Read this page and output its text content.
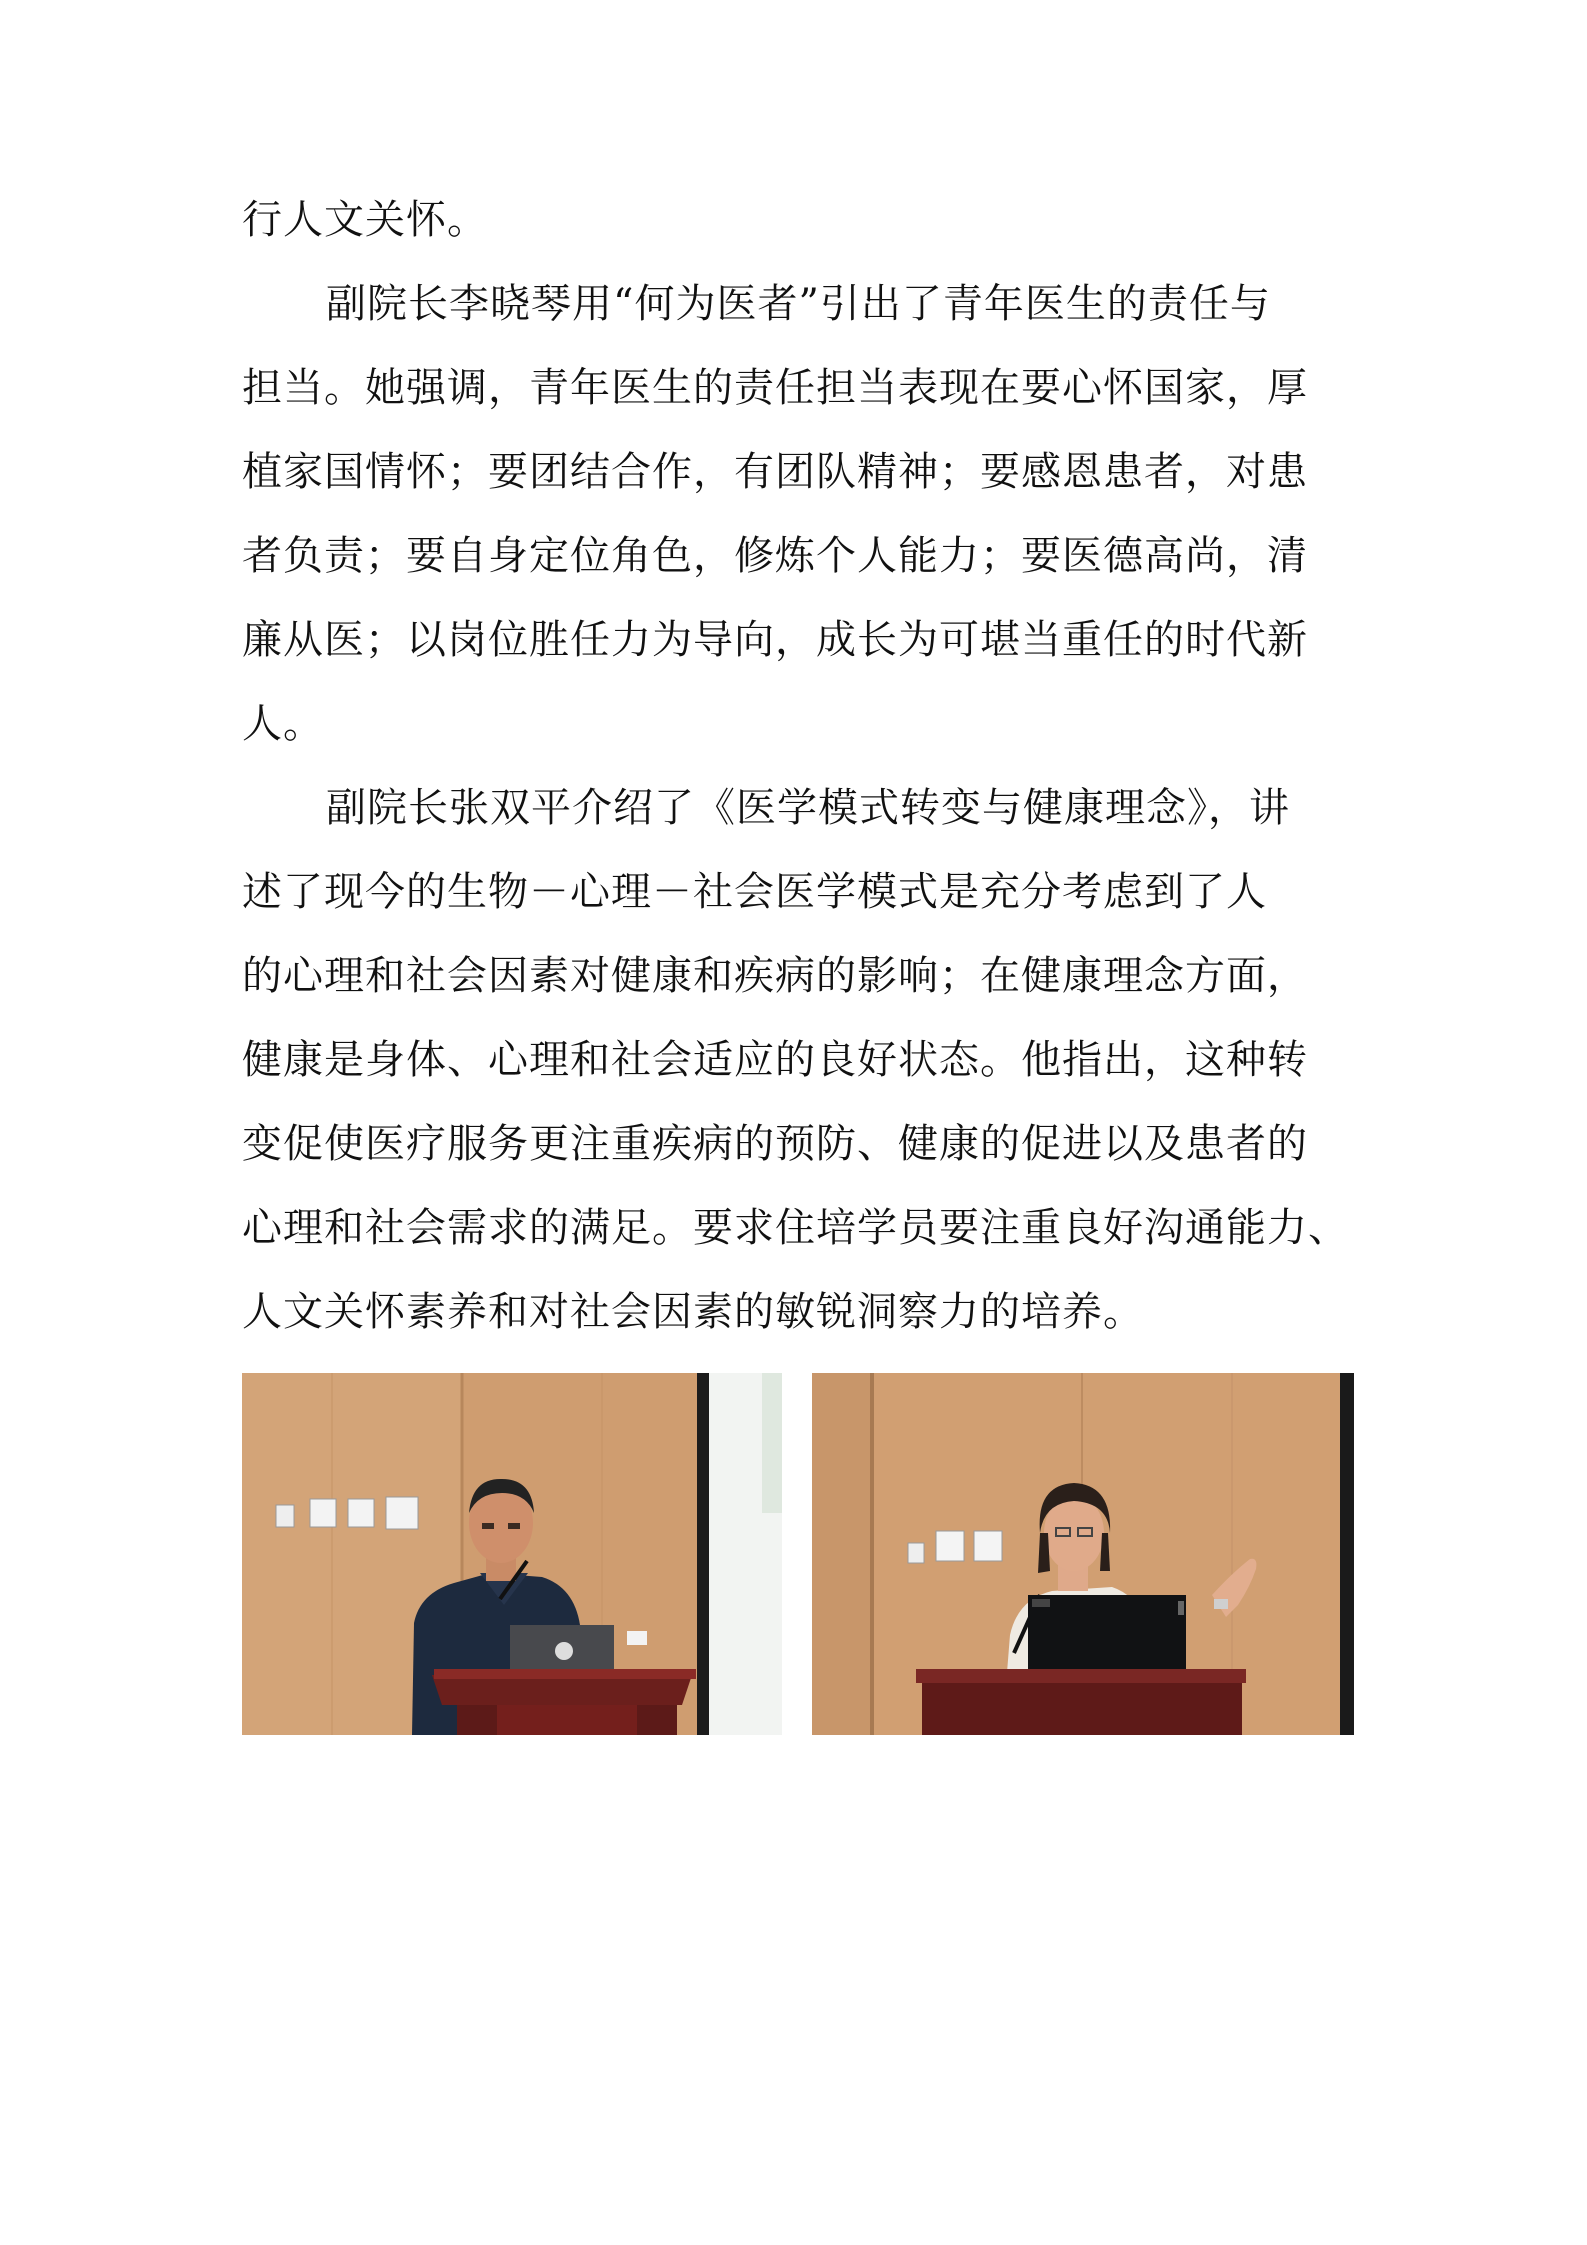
行人文关怀。
副院长李晓琴用“何为医者”引出了青年医生的责任与
担当。她强调，青年医生的责任担当表现在要心怀国家，厚
植家国情怀；要团结合作，有团队精神；要感恩患者，对患
者负责；要自身定位角色，修炼个人能力；要医德高尚，清
廉从医；以岗位胜任力为导向，成长为可堪当重任的时代新
人。
副院长张双平介绍了《医学模式转变与健康理念》，讲
述了现今的生物－心理－社会医学模式是充分考虑到了人
的心理和社会因素对健康和疾病的影响；在健康理念方面，
健康是身体、心理和社会适应的良好状态。他指出，这种转
变促使医疗服务更注重疾病的预防、健康的促进以及患者的
心理和社会需求的满足。要求住培学员要注重良好沟通能力、
人文关怀素养和对社会因素的敏锐洞察力的培养。
